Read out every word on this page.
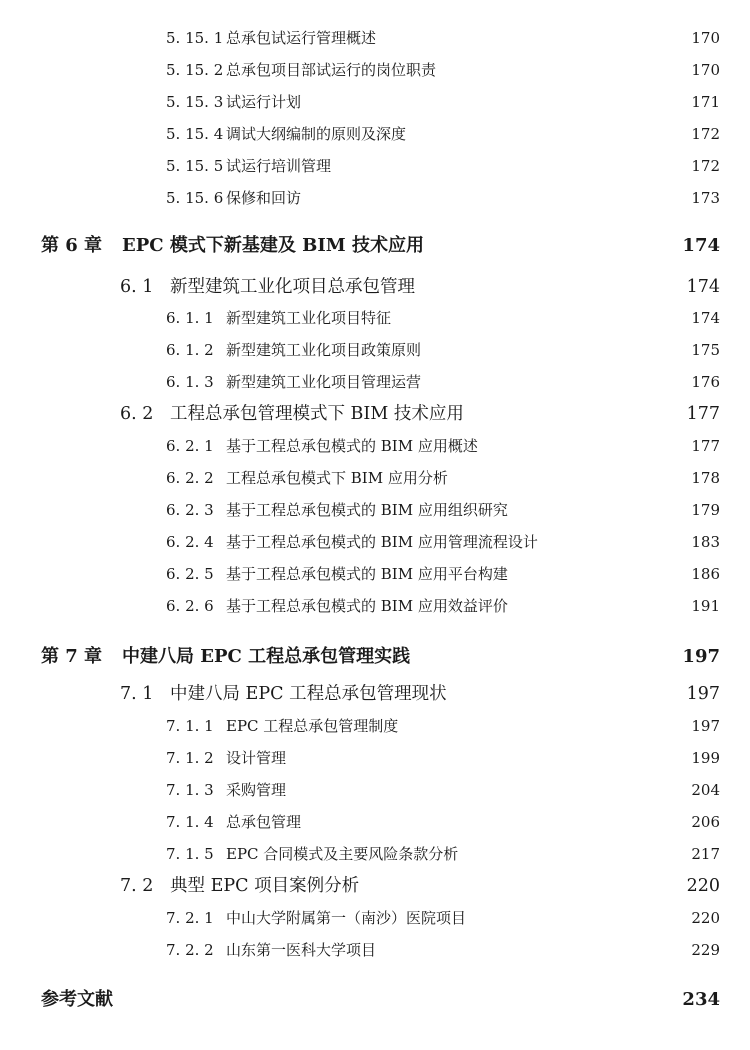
5. 15. 1 总承包试运行管理概述	170
5. 15. 2 总承包项目部试运行的岗位职责	170
5. 15. 3 试运行计划	171
5. 15. 4 调试大纲编制的原则及深度	172
5. 15. 5 试运行培训管理	172
5. 15. 6 保修和回访	173
第 6 章 EPC 模式下新基建及 BIM 技术应用	174
6. 1 新型建筑工业化项目总承包管理	174
6. 1. 1 新型建筑工业化项目特征	174
6. 1. 2 新型建筑工业化项目政策原则	175
6. 1. 3 新型建筑工业化项目管理运营	176
6. 2 工程总承包管理模式下 BIM 技术应用	177
6. 2. 1 基于工程总承包模式的 BIM 应用概述	177
6. 2. 2 工程总承包模式下 BIM 应用分析	178
6. 2. 3 基于工程总承包模式的 BIM 应用组织研究	179
6. 2. 4 基于工程总承包模式的 BIM 应用管理流程设计	183
6. 2. 5 基于工程总承包模式的 BIM 应用平台构建	186
6. 2. 6 基于工程总承包模式的 BIM 应用效益评价	191
第 7 章 中建八局 EPC 工程总承包管理实践	197
7. 1 中建八局 EPC 工程总承包管理现状	197
7. 1. 1 EPC 工程总承包管理制度	197
7. 1. 2 设计管理	199
7. 1. 3 采购管理	204
7. 1. 4 总承包管理	206
7. 1. 5 EPC 合同模式及主要风险条款分析	217
7. 2 典型 EPC 项目案例分析	220
7. 2. 1 中山大学附属第一（南沙）医院项目	220
7. 2. 2 山东第一医科大学项目	229
参考文献	234
